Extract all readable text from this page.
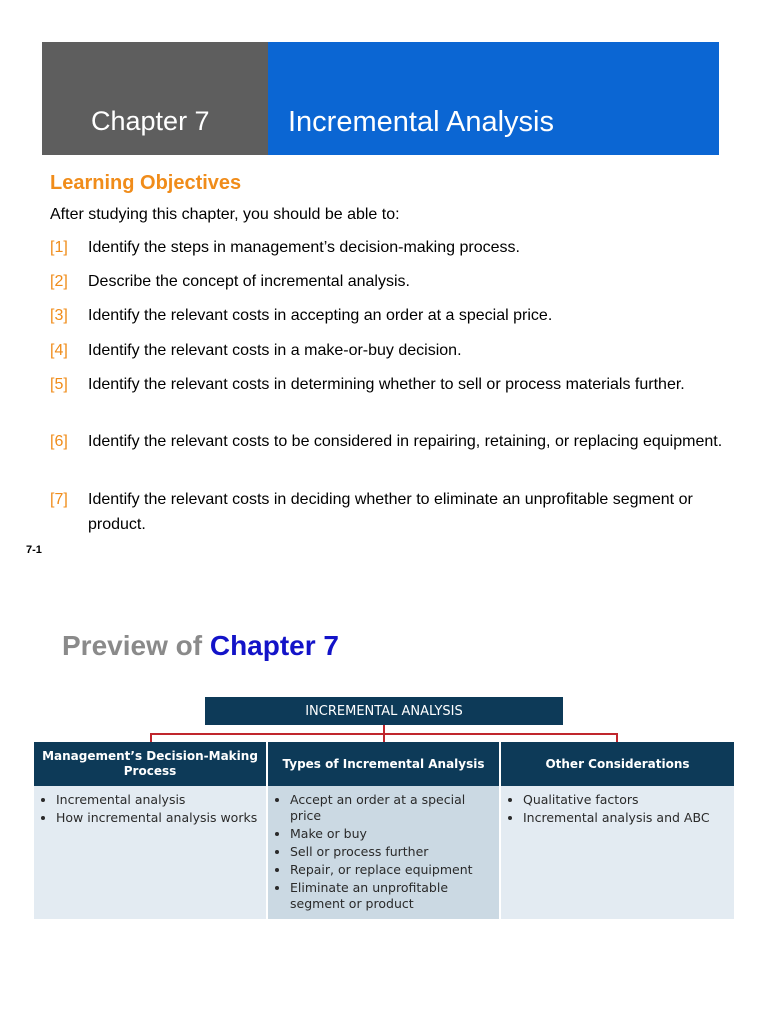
Chapter 7	Incremental Analysis
Learning Objectives
After studying this chapter, you should be able to:
[1] Identify the steps in management’s decision-making process.
[2] Describe the concept of incremental analysis.
[3] Identify the relevant costs in accepting an order at a special price.
[4] Identify the relevant costs in a make-or-buy decision.
[5] Identify the relevant costs in determining whether to sell or process materials further.
[6] Identify the relevant costs to be considered in repairing, retaining, or replacing equipment.
[7] Identify the relevant costs in deciding whether to eliminate an unprofitable segment or product.
7-1
Preview of Chapter 7
INCREMENTAL ANALYSIS
Management’s Decision-Making Process
Types of Incremental Analysis	Other Considerations
• Incremental analysis
• How incremental analysis works
• Accept an order at a special price
• Make or buy
• Sell or process further
• Repair, or replace equipment
• Eliminate an unprofitable segment or product
• Qualitative factors
• Incremental analysis and ABC
